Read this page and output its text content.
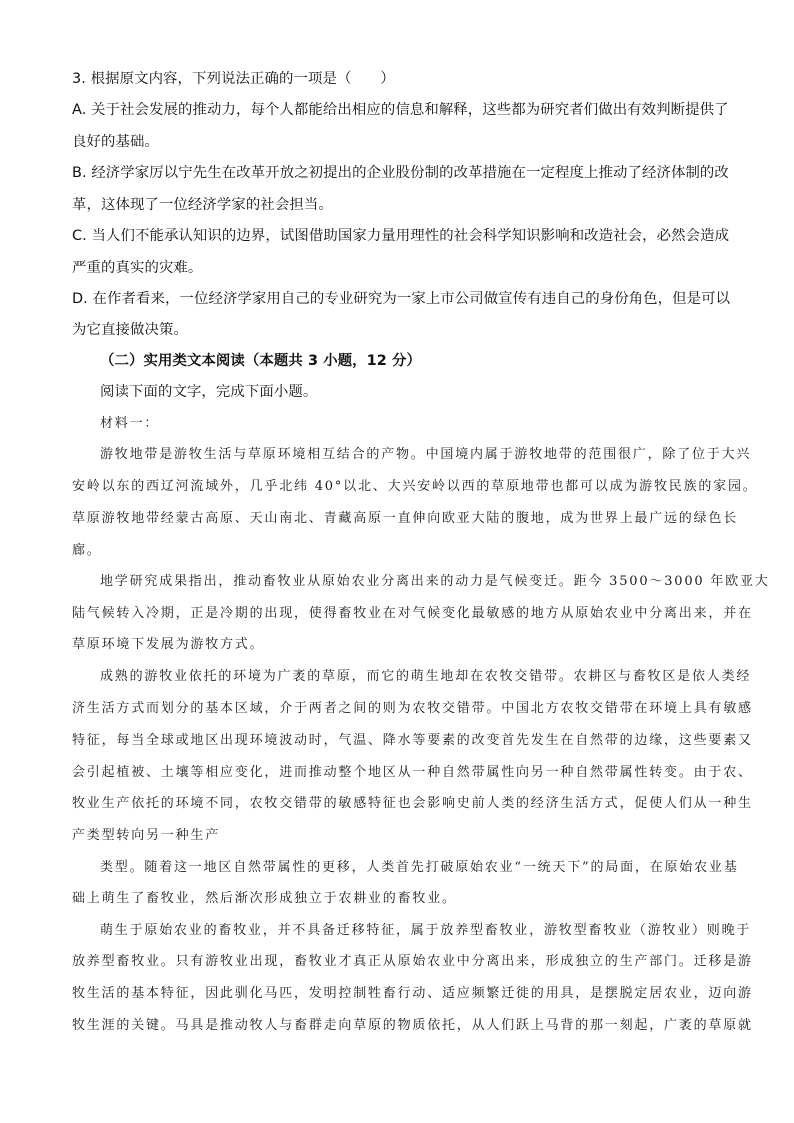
3. 根据原文内容，下列说法正确的一项是（　　）
A. 关于社会发展的推动力，每个人都能给出相应的信息和解释，这些都为研究者们做出有效判断提供了
良好的基础。
B. 经济学家厉以宁先生在改革开放之初提出的企业股份制的改革措施在一定程度上推动了经济体制的改
革，这体现了一位经济学家的社会担当。
C. 当人们不能承认知识的边界，试图借助国家力量用理性的社会科学知识影响和改造社会，必然会造成
严重的真实的灾难。
D. 在作者看来，一位经济学家用自己的专业研究为一家上市公司做宣传有违自己的身份角色，但是可以
为它直接做决策。
（二）实用类文本阅读（本题共 3 小题，12 分）
阅读下面的文字，完成下面小题。
材料一：
游牧地带是游牧生活与草原环境相互结合的产物。中国境内属于游牧地带的范围很广，除了位于大兴
安岭以东的西辽河流域外，几乎北纬 40°以北、大兴安岭以西的草原地带也都可以成为游牧民族的家园。
草原游牧地带经蒙古高原、天山南北、青藏高原一直伸向欧亚大陆的腹地，成为世界上最广远的绿色长
廊。
地学研究成果指出，推动畜牧业从原始农业分离出来的动力是气候变迁。距今 3500～3000 年欧亚大
陆气候转入冷期，正是冷期的出现，使得畜牧业在对气候变化最敏感的地方从原始农业中分离出来，并在
草原环境下发展为游牧方式。
成熟的游牧业依托的环境为广袤的草原，而它的萌生地却在农牧交错带。农耕区与畜牧区是依人类经
济生活方式而划分的基本区域，介于两者之间的则为农牧交错带。中国北方农牧交错带在环境上具有敏感
特征，每当全球或地区出现环境波动时，气温、降水等要素的改变首先发生在自然带的边缘，这些要素又
会引起植被、土壤等相应变化，进而推动整个地区从一种自然带属性向另一种自然带属性转变。由于农、
牧业生产依托的环境不同，农牧交错带的敏感特征也会影响史前人类的经济生活方式，促使人们从一种生
产类型转向另一种生产
类型。随着这一地区自然带属性的更移，人类首先打破原始农业“一统天下”的局面，在原始农业基
础上萌生了畜牧业，然后渐次形成独立于农耕业的畜牧业。
萌生于原始农业的畜牧业，并不具备迁移特征，属于放养型畜牧业，游牧型畜牧业（游牧业）则晚于
放养型畜牧业。只有游牧业出现，畜牧业才真正从原始农业中分离出来，形成独立的生产部门。迁移是游
牧生活的基本特征，因此驯化马匹，发明控制牲畜行动、适应频繁迁徙的用具，是摆脱定居农业，迈向游
牧生涯的关键。马具是推动牧人与畜群走向草原的物质依托，从人们跃上马背的那一刻起，广袤的草原就
